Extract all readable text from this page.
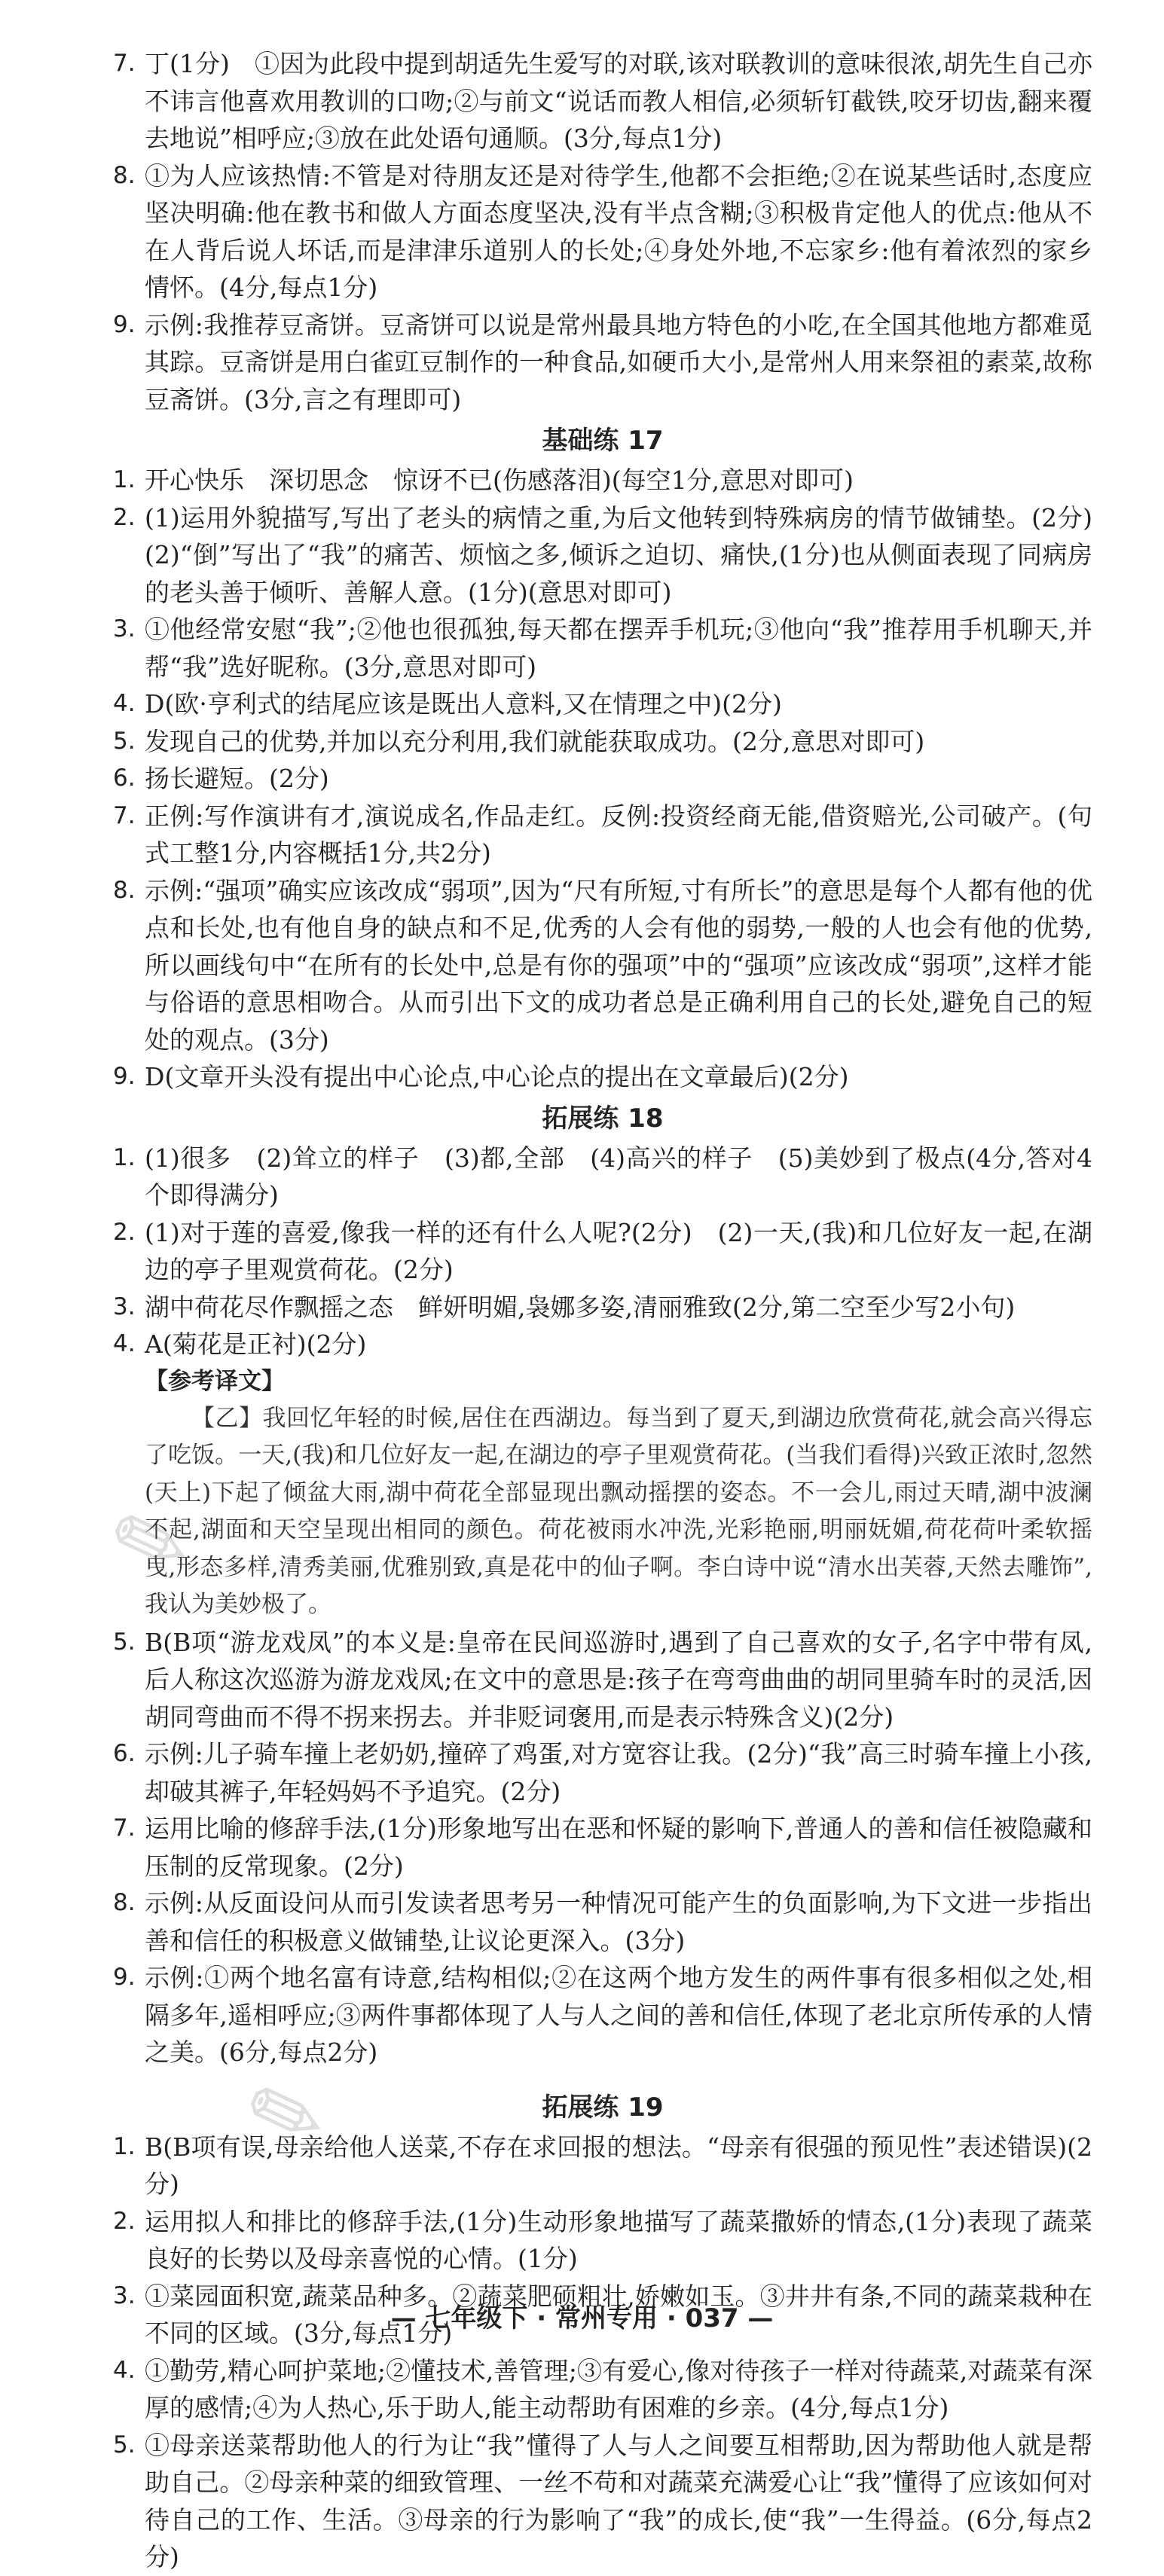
7. 丁(1分)　①因为此段中提到胡适先生爱写的对联,该对联教训的意味很浓,胡先生自己亦不讳言他喜欢用教训的口吻;②与前文“说话而教人相信,必须斩钉截铁,咬牙切齿,翻来覆去地说”相呼应;③放在此处语句通顺。(3分,每点1分)
8. ①为人应该热情:不管是对待朋友还是对待学生,他都不会拒绝;②在说某些话时,态度应坚决明确:他在教书和做人方面态度坚决,没有半点含糊;③积极肯定他人的优点:他从不在人背后说人坏话,而是津津乐道别人的长处;④身处外地,不忘家乡:他有着浓烈的家乡情怀。(4分,每点1分)
9. 示例:我推荐豆斋饼。豆斋饼可以说是常州最具地方特色的小吃,在全国其他地方都难觅其踪。豆斋饼是用白雀豇豆制作的一种食品,如硬币大小,是常州人用来祭祖的素菜,故称豆斋饼。(3分,言之有理即可)
基础练 17
1. 开心快乐　深切思念　惊讶不已(伤感落泪)(每空1分,意思对即可)
2. (1)运用外貌描写,写出了老头的病情之重,为后文他转到特殊病房的情节做铺垫。(2分)　(2)“倒”写出了“我”的痛苦、烦恼之多,倾诉之迫切、痛快,(1分)也从侧面表现了同病房的老头善于倾听、善解人意。(1分)(意思对即可)
3. ①他经常安慰“我”;②他也很孤独,每天都在摆弄手机玩;③他向“我”推荐用手机聊天,并帮“我”选好昵称。(3分,意思对即可)
4. D(欧·亨利式的结尾应该是既出人意料,又在情理之中)(2分)
5. 发现自己的优势,并加以充分利用,我们就能获取成功。(2分,意思对即可)
6. 扬长避短。(2分)
7. 正例:写作演讲有才,演说成名,作品走红。反例:投资经商无能,借资赔光,公司破产。(句式工整1分,内容概括1分,共2分)
8. 示例:“强项”确实应该改成“弱项”,因为“尺有所短,寸有所长”的意思是每个人都有他的优点和长处,也有他自身的缺点和不足,优秀的人会有他的弱势,一般的人也会有他的优势,所以画线句中“在所有的长处中,总是有你的强项”中的“强项”应该改成“弱项”,这样才能与俗语的意思相吻合。从而引出下文的成功者总是正确利用自己的长处,避免自己的短处的观点。(3分)
9. D(文章开头没有提出中心论点,中心论点的提出在文章最后)(2分)
拓展练 18
1. (1)很多　(2)耸立的样子　(3)都,全部　(4)高兴的样子　(5)美妙到了极点(4分,答对4个即得满分)
2. (1)对于莲的喜爱,像我一样的还有什么人呢?(2分)　(2)一天,(我)和几位好友一起,在湖边的亭子里观赏荷花。(2分)
3. 湖中荷花尽作飘摇之态　鲜妍明媚,袅娜多姿,清丽雅致(2分,第二空至少写2小句)
4. A(菊花是正衬)(2分)
【参考译文】
【乙】我回忆年轻的时候,居住在西湖边。每当到了夏天,到湖边欣赏荷花,就会高兴得忘了吃饭。一天,(我)和几位好友一起,在湖边的亭子里观赏荷花。(当我们看得)兴致正浓时,忽然(天上)下起了倾盆大雨,湖中荷花全部显现出飘动摇摆的姿态。不一会儿,雨过天晴,湖中波澜不起,湖面和天空呈现出相同的颜色。荷花被雨水冲洗,光彩艳丽,明丽妩媚,荷花荷叶柔软摇曳,形态多样,清秀美丽,优雅别致,真是花中的仙子啊。李白诗中说“清水出芙蓉,天然去雕饰”,我认为美妙极了。
5. B(B项“游龙戏凤”的本义是:皇帝在民间巡游时,遇到了自己喜欢的女子,名字中带有凤,后人称这次巡游为游龙戏凤;在文中的意思是:孩子在弯弯曲曲的胡同里骑车时的灵活,因胡同弯曲而不得不拐来拐去。并非贬词褒用,而是表示特殊含义)(2分)
6. 示例:儿子骑车撞上老奶奶,撞碎了鸡蛋,对方宽容让我。(2分)“我”高三时骑车撞上小孩,却破其裤子,年轻妈妈不予追究。(2分)
7. 运用比喻的修辞手法,(1分)形象地写出在恶和怀疑的影响下,普通人的善和信任被隐藏和压制的反常现象。(2分)
8. 示例:从反面设问从而引发读者思考另一种情况可能产生的负面影响,为下文进一步指出善和信任的积极意义做铺垫,让议论更深入。(3分)
9. 示例:①两个地名富有诗意,结构相似;②在这两个地方发生的两件事有很多相似之处,相隔多年,遥相呼应;③两件事都体现了人与人之间的善和信任,体现了老北京所传承的人情之美。(6分,每点2分)
拓展练 19
1. B(B项有误,母亲给他人送菜,不存在求回报的想法。“母亲有很强的预见性”表述错误)(2分)
2. 运用拟人和排比的修辞手法,(1分)生动形象地描写了蔬菜撒娇的情态,(1分)表现了蔬菜良好的长势以及母亲喜悦的心情。(1分)
3. ①菜园面积宽,蔬菜品种多。②蔬菜肥硕粗壮,娇嫩如玉。③井井有条,不同的蔬菜栽种在不同的区域。(3分,每点1分)
4. ①勤劳,精心呵护菜地;②懂技术,善管理;③有爱心,像对待孩子一样对待蔬菜,对蔬菜有深厚的感情;④为人热心,乐于助人,能主动帮助有困难的乡亲。(4分,每点1分)
5. ①母亲送菜帮助他人的行为让“我”懂得了人与人之间要互相帮助,因为帮助他人就是帮助自己。②母亲种菜的细致管理、一丝不苟和对蔬菜充满爱心让“我”懂得了应该如何对待自己的工作、生活。③母亲的行为影响了“我”的成长,使“我”一生得益。(6分,每点2分)
✎
✎
— 七年级下 · 常州专用 · 037 —
